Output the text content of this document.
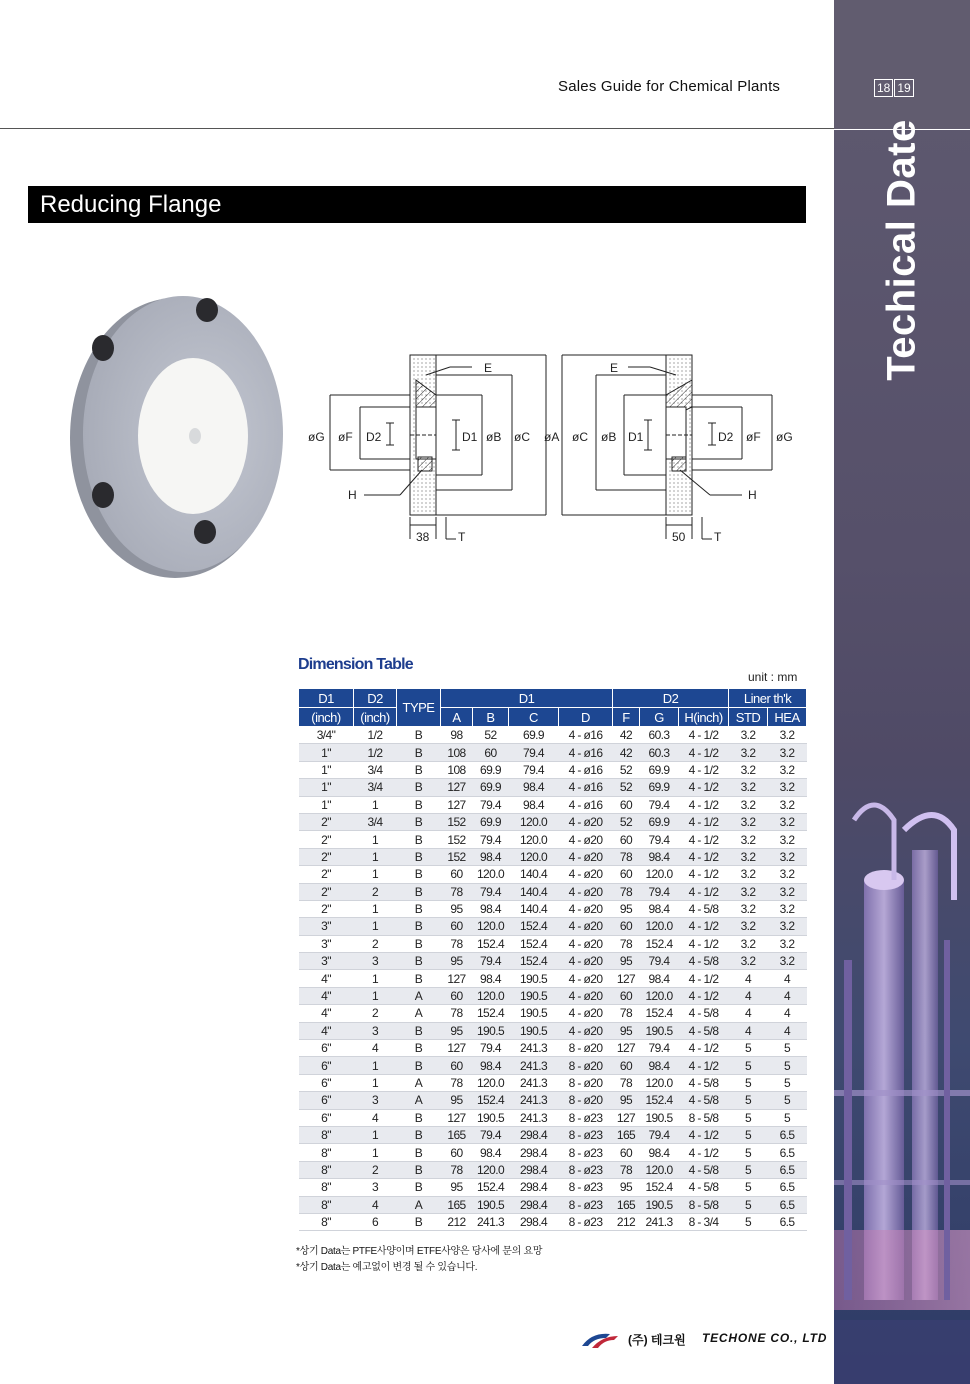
Sales Guide for Chemical Plants	18 19
Techical Date
Reducing Flange
E	E
øG øF D2	D1 øB øC øA øC øB D1	D2 øF øG
H	H
38 T	50 T
Dimension Table
unit : mm
D1	D2	TYPE	D1				D2			Liner th'k	
(inch)	(inch)		A	B	C	D	F	G	H(inch)	STD	HEA
3/4"	1/2	B	98	52	69.9	4 - ø16	42	60.3	4 - 1/2	3.2	3.2
1"	1/2	B	108	60	79.4	4 - ø16	42	60.3	4 - 1/2	3.2	3.2
1"	3/4	B	108	69.9	79.4	4 - ø16	52	69.9	4 - 1/2	3.2	3.2
1"	3/4	B	127	69.9	98.4	4 - ø16	52	69.9	4 - 1/2	3.2	3.2
1"	1	B	127	79.4	98.4	4 - ø16	60	79.4	4 - 1/2	3.2	3.2
2"	3/4	B	152	69.9	120.0	4 - ø20	52	69.9	4 - 1/2	3.2	3.2
2"	1	B	152	79.4	120.0	4 - ø20	60	79.4	4 - 1/2	3.2	3.2
2"	1	B	152	98.4	120.0	4 - ø20	78	98.4	4 - 1/2	3.2	3.2
2"	1	B	60	120.0	140.4	4 - ø20	60	120.0	4 - 1/2	3.2	3.2
2"	2	B	78	79.4	140.4	4 - ø20	78	79.4	4 - 1/2	3.2	3.2
2"	1	B	95	98.4	140.4	4 - ø20	95	98.4	4 - 5/8	3.2	3.2
3"	1	B	60	120.0	152.4	4 - ø20	60	120.0	4 - 1/2	3.2	3.2
3"	2	B	78	152.4	152.4	4 - ø20	78	152.4	4 - 1/2	3.2	3.2
3"	3	B	95	79.4	152.4	4 - ø20	95	79.4	4 - 5/8	3.2	3.2
4"	1	B	127	98.4	190.5	4 - ø20	127	98.4	4 - 1/2	4	4
4"	1	A	60	120.0	190.5	4 - ø20	60	120.0	4 - 1/2	4	4
4"	2	A	78	152.4	190.5	4 - ø20	78	152.4	4 - 5/8	4	4
4"	3	B	95	190.5	190.5	4 - ø20	95	190.5	4 - 5/8	4	4
6"	4	B	127	79.4	241.3	8 - ø20	127	79.4	4 - 1/2	5	5
6"	1	B	60	98.4	241.3	8 - ø20	60	98.4	4 - 1/2	5	5
6"	1	A	78	120.0	241.3	8 - ø20	78	120.0	4 - 5/8	5	5
6"	3	A	95	152.4	241.3	8 - ø20	95	152.4	4 - 5/8	5	5
6"	4	B	127	190.5	241.3	8 - ø23	127	190.5	8 - 5/8	5	5
8"	1	B	165	79.4	298.4	8 - ø23	165	79.4	4 - 1/2	5	6.5
8"	1	B	60	98.4	298.4	8 - ø23	60	98.4	4 - 1/2	5	6.5
8"	2	B	78	120.0	298.4	8 - ø23	78	120.0	4 - 5/8	5	6.5
8"	3	B	95	152.4	298.4	8 - ø23	95	152.4	4 - 5/8	5	6.5
8"	4	A	165	190.5	298.4	8 - ø23	165	190.5	8 - 5/8	5	6.5
8"	6	B	212	241.3	298.4	8 - ø23	212	241.3	8 - 3/4	5	6.5
*상기 Data는 PTFE사양이며 ETFE사양은 당사에 문의 요망
*상기 Data는 예고없이 변경 될 수 있습니다.
(주) 테크원 TECHONE CO., LTD
